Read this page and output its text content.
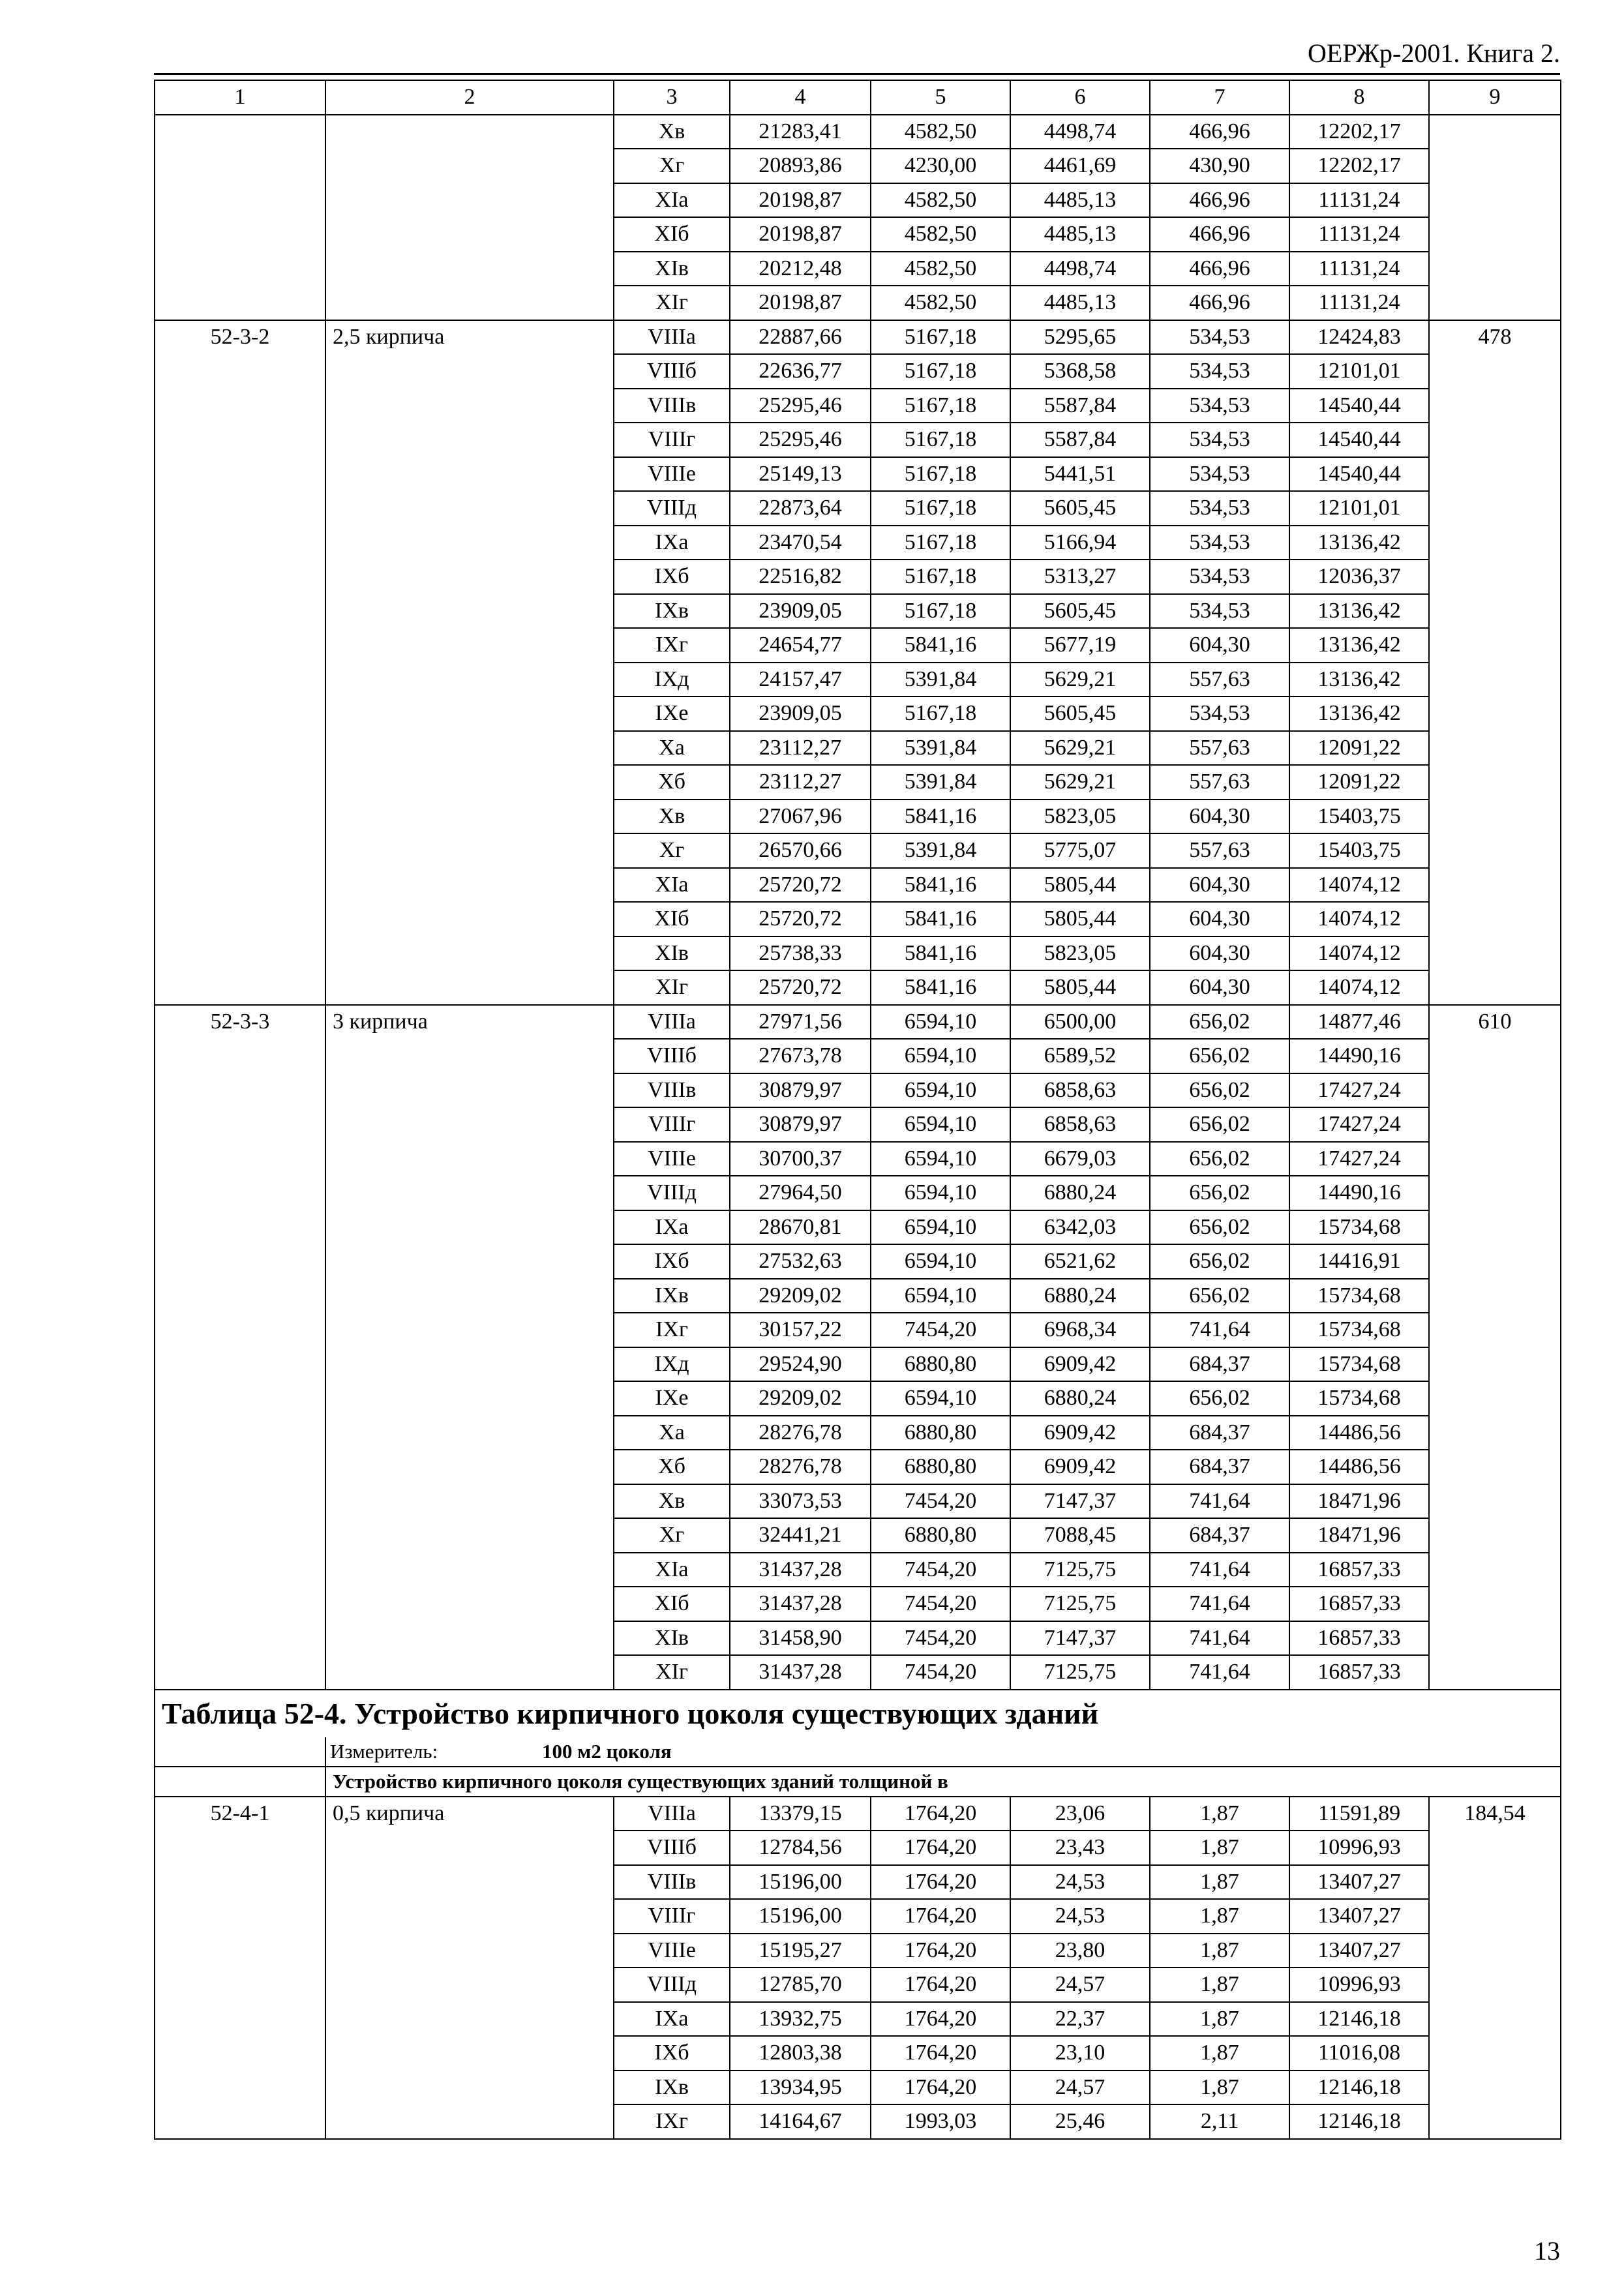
ОЕРЖр-2001. Книга 2.
1	2	3	4	5	6	7	8	9
		Xв	21283,41	4582,50	4498,74	466,96	12202,17	
		Xг	20893,86	4230,00	4461,69	430,90	12202,17	
		XIа	20198,87	4582,50	4485,13	466,96	11131,24	
		XIб	20198,87	4582,50	4485,13	466,96	11131,24	
		XIв	20212,48	4582,50	4498,74	466,96	11131,24	
		XIг	20198,87	4582,50	4485,13	466,96	11131,24	
52-3-2	2,5 кирпича	VIIIа	22887,66	5167,18	5295,65	534,53	12424,83	478
		VIIIб	22636,77	5167,18	5368,58	534,53	12101,01	
		VIIIв	25295,46	5167,18	5587,84	534,53	14540,44	
		VIIIг	25295,46	5167,18	5587,84	534,53	14540,44	
		VIIIе	25149,13	5167,18	5441,51	534,53	14540,44	
		VIIIд	22873,64	5167,18	5605,45	534,53	12101,01	
		IXа	23470,54	5167,18	5166,94	534,53	13136,42	
		IXб	22516,82	5167,18	5313,27	534,53	12036,37	
		IXв	23909,05	5167,18	5605,45	534,53	13136,42	
		IXг	24654,77	5841,16	5677,19	604,30	13136,42	
		IXд	24157,47	5391,84	5629,21	557,63	13136,42	
		IXе	23909,05	5167,18	5605,45	534,53	13136,42	
		Xа	23112,27	5391,84	5629,21	557,63	12091,22	
		Xб	23112,27	5391,84	5629,21	557,63	12091,22	
		Xв	27067,96	5841,16	5823,05	604,30	15403,75	
		Xг	26570,66	5391,84	5775,07	557,63	15403,75	
		XIа	25720,72	5841,16	5805,44	604,30	14074,12	
		XIб	25720,72	5841,16	5805,44	604,30	14074,12	
		XIв	25738,33	5841,16	5823,05	604,30	14074,12	
		XIг	25720,72	5841,16	5805,44	604,30	14074,12	
52-3-3	3 кирпича	VIIIа	27971,56	6594,10	6500,00	656,02	14877,46	610
		VIIIб	27673,78	6594,10	6589,52	656,02	14490,16	
		VIIIв	30879,97	6594,10	6858,63	656,02	17427,24	
		VIIIг	30879,97	6594,10	6858,63	656,02	17427,24	
		VIIIе	30700,37	6594,10	6679,03	656,02	17427,24	
		VIIIд	27964,50	6594,10	6880,24	656,02	14490,16	
		IXа	28670,81	6594,10	6342,03	656,02	15734,68	
		IXб	27532,63	6594,10	6521,62	656,02	14416,91	
		IXв	29209,02	6594,10	6880,24	656,02	15734,68	
		IXг	30157,22	7454,20	6968,34	741,64	15734,68	
		IXд	29524,90	6880,80	6909,42	684,37	15734,68	
		IXе	29209,02	6594,10	6880,24	656,02	15734,68	
		Xа	28276,78	6880,80	6909,42	684,37	14486,56	
		Xб	28276,78	6880,80	6909,42	684,37	14486,56	
		Xв	33073,53	7454,20	7147,37	741,64	18471,96	
		Xг	32441,21	6880,80	7088,45	684,37	18471,96	
		XIа	31437,28	7454,20	7125,75	741,64	16857,33	
		XIб	31437,28	7454,20	7125,75	741,64	16857,33	
		XIв	31458,90	7454,20	7147,37	741,64	16857,33	
		XIг	31437,28	7454,20	7125,75	741,64	16857,33	
Таблица 52-4. Устройство кирпичного цоколя существующих зданий								
	Измеритель: 100 м2 цоколя							
	Устройство кирпичного цоколя существующих зданий толщиной в							
52-4-1	0,5 кирпича	VIIIа	13379,15	1764,20	23,06	1,87	11591,89	184,54
		VIIIб	12784,56	1764,20	23,43	1,87	10996,93	
		VIIIв	15196,00	1764,20	24,53	1,87	13407,27	
		VIIIг	15196,00	1764,20	24,53	1,87	13407,27	
		VIIIе	15195,27	1764,20	23,80	1,87	13407,27	
		VIIIд	12785,70	1764,20	24,57	1,87	10996,93	
		IXа	13932,75	1764,20	22,37	1,87	12146,18	
		IXб	12803,38	1764,20	23,10	1,87	11016,08	
		IXв	13934,95	1764,20	24,57	1,87	12146,18	
		IXг	14164,67	1993,03	25,46	2,11	12146,18	
13
